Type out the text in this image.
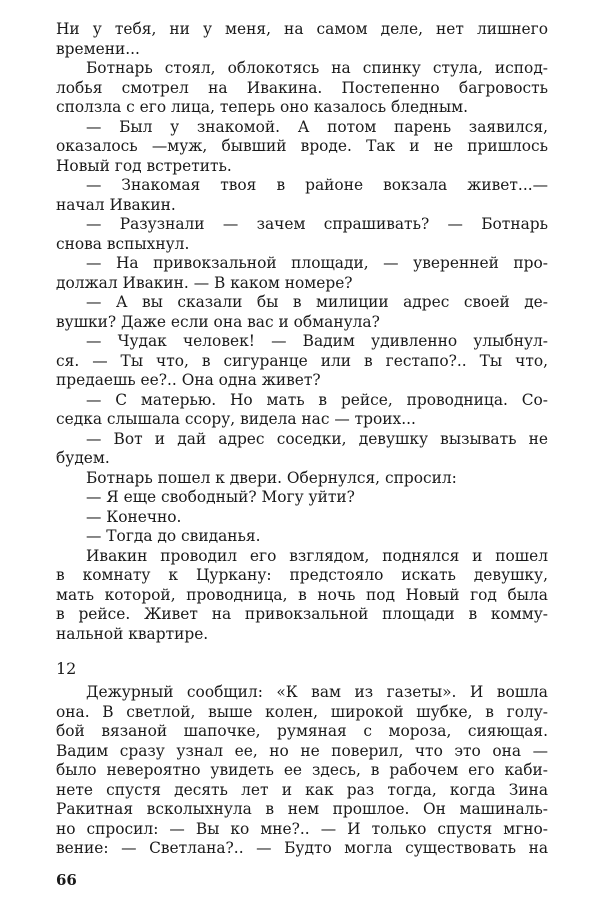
Ни у тебя, ни у меня, на самом деле, нет лишнего
времени...
Ботнарь стоял, облокотясь на спинку стула, испод-
лобья смотрел на Ивакина. Постепенно багровость
сползла с его лица, теперь оно казалось бледным.
— Был у знакомой. А потом парень заявился,
оказалось —муж, бывший вроде. Так и не пришлось
Новый год встретить.
— Знакомая твоя в районе вокзала живет...—
начал Ивакин.
— Разузнали — зачем спрашивать? — Ботнарь
снова вспыхнул.
— На привокзальной площади, — уверенней про-
должал Ивакин. — В каком номере?
— А вы сказали бы в милиции адрес своей де-
вушки? Даже если она вас и обманула?
— Чудак человек! — Вадим удивленно улыбнул-
ся. — Ты что, в сигуранце или в гестапо?.. Ты что,
предаешь ее?.. Она одна живет?
— С матерью. Но мать в рейсе, проводница. Со-
седка слышала ссору, видела нас — троих...
— Вот и дай адрес соседки, девушку вызывать не
будем.
Ботнарь пошел к двери. Обернулся, спросил:
— Я еще свободный? Могу уйти?
— Конечно.
— Тогда до свиданья.
Ивакин проводил его взглядом, поднялся и пошел
в комнату к Цуркану: предстояло искать девушку,
мать которой, проводница, в ночь под Новый год была
в рейсе. Живет на привокзальной площади в комму-
нальной квартире.
12
Дежурный сообщил: «К вам из газеты». И вошла
она. В светлой, выше колен, широкой шубке, в голу-
бой вязаной шапочке, румяная с мороза, сияющая.
Вадим сразу узнал ее, но не поверил, что это она —
было невероятно увидеть ее здесь, в рабочем его каби-
нете спустя десять лет и как раз тогда, когда Зина
Ракитная всколыхнула в нем прошлое. Он машиналь-
но спросил: — Вы ко мне?.. — И только спустя мгно-
вение: — Светлана?.. — Будто могла существовать на
66
